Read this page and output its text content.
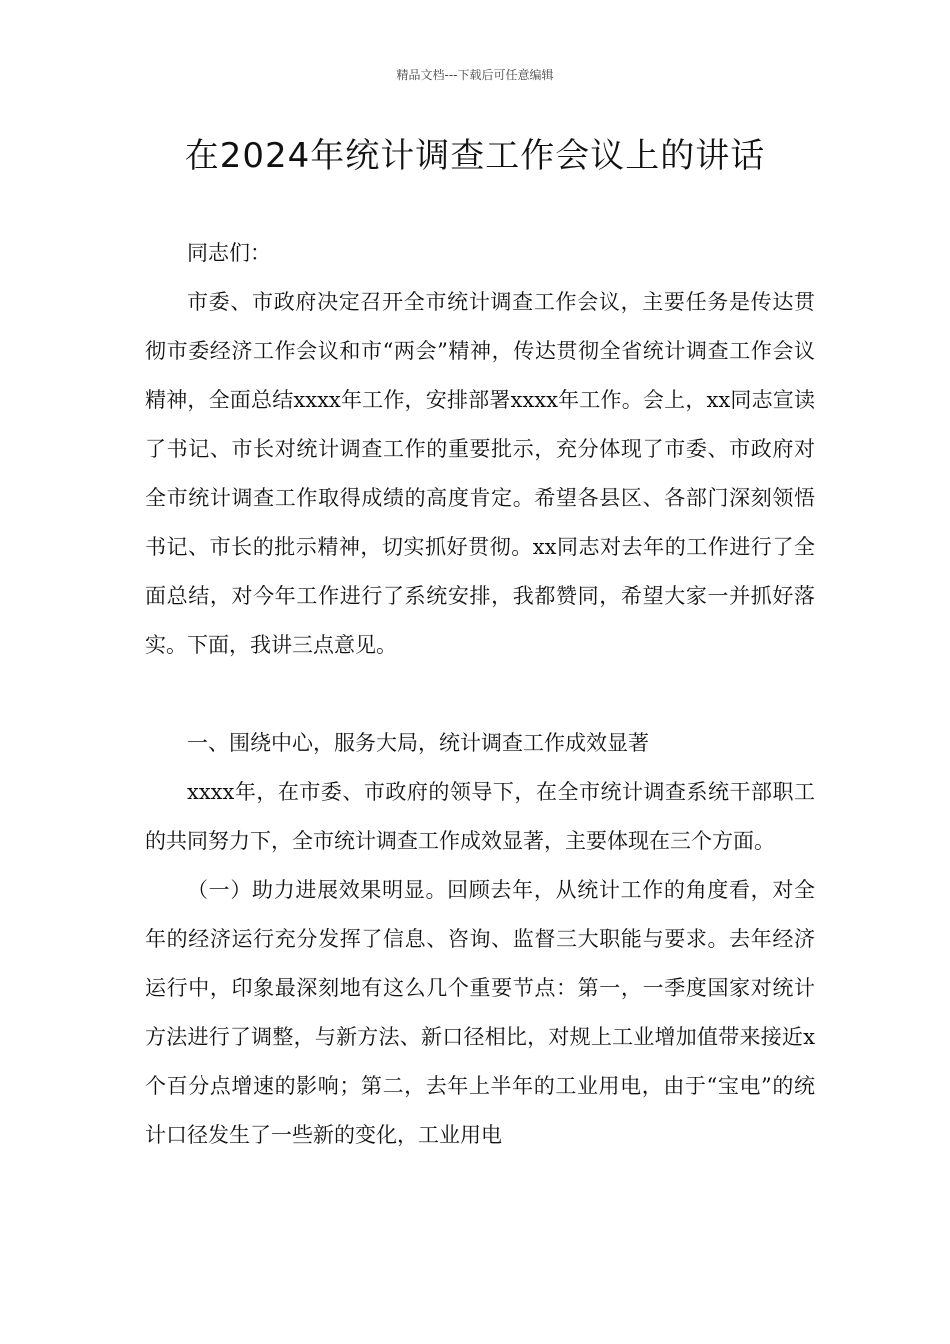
精品文档---下载后可任意编辑
在2024年统计调查工作会议上的讲话

同志们：

市委、市政府决定召开全市统计调查工作会议，主要任务是传达贯彻市委经济工作会议和市“两会”精神，传达贯彻全省统计调查工作会议精神，全面总结xxxx年工作，安排部署xxxx年工作。会上，xx同志宣读了书记、市长对统计调查工作的重要批示，充分体现了市委、市政府对全市统计调查工作取得成绩的高度肯定。希望各县区、各部门深刻领悟书记、市长的批示精神，切实抓好贯彻。xx同志对去年的工作进行了全面总结，对今年工作进行了系统安排，我都赞同，希望大家一并抓好落实。下面，我讲三点意见。

一、围绕中心，服务大局，统计调查工作成效显著

xxxx年，在市委、市政府的领导下，在全市统计调查系统干部职工的共同努力下，全市统计调查工作成效显著，主要体现在三个方面。

（一）助力进展效果明显。回顾去年，从统计工作的角度看，对全年的经济运行充分发挥了信息、咨询、监督三大职能与要求。去年经济运行中，印象最深刻地有这么几个重要节点：第一，一季度国家对统计方法进行了调整，与新方法、新口径相比，对规上工业增加值带来接近x个百分点增速的影响；第二，去年上半年的工业用电，由于“宝电”的统计口径发生了一些新的变化，工业用电
